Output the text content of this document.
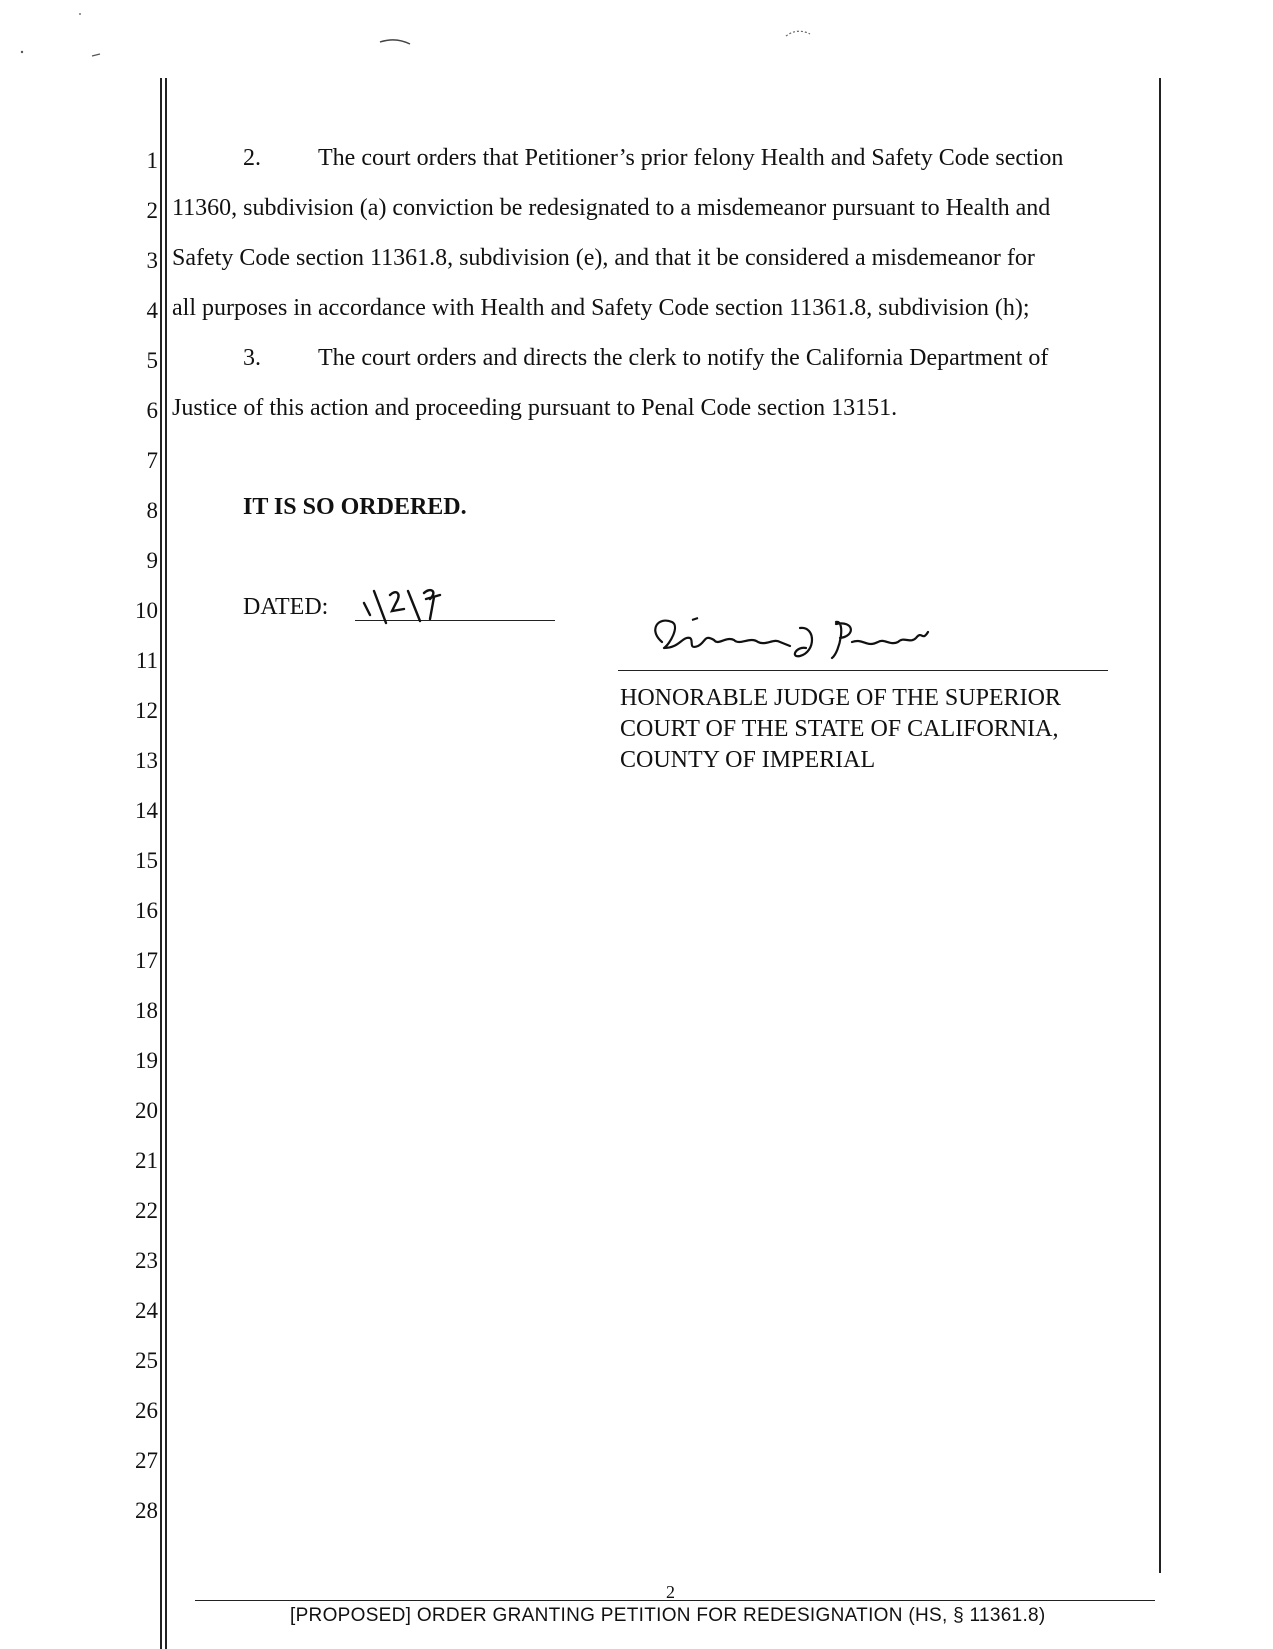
1
2
3
4
5
6
7
8
9
10
11
12
13
14
15
16
17
18
19
20
21
22
23
24
25
26
27
28
2. The court orders that Petitioner’s prior felony Health and Safety Code section
11360, subdivision (a) conviction be redesignated to a misdemeanor pursuant to Health and
Safety Code section 11361.8, subdivision (e), and that it be considered a misdemeanor for
all purposes in accordance with Health and Safety Code section 11361.8, subdivision (h);
3. The court orders and directs the clerk to notify the California Department of
Justice of this action and proceeding pursuant to Penal Code section 13151.
IT IS SO ORDERED.
DATED:
HONORABLE JUDGE OF THE SUPERIOR
COURT OF THE STATE OF CALIFORNIA,
COUNTY OF IMPERIAL
2
[PROPOSED] ORDER GRANTING PETITION FOR REDESIGNATION (HS, § 11361.8)
